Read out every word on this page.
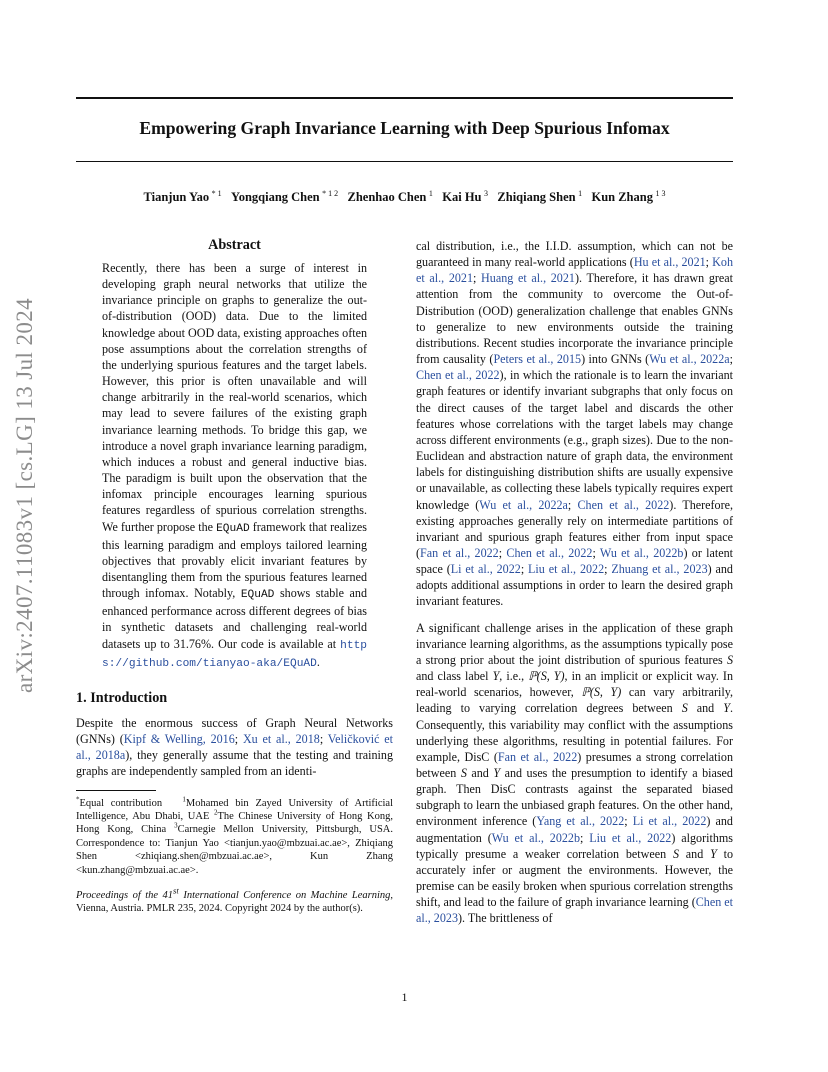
Empowering Graph Invariance Learning with Deep Spurious Infomax
Tianjun Yao  $^{* 1}$ Yongqiang Chen  $^{* 1 2}$ Zhenhao Chen  $^1$ Kai Hu  $^3$ Zhiqiang Shen  $^1$ Kun Zhang  $^{1 3}$
arXiv:2407.11083v1 [cs.LG] 13 Jul 2024
Abstract
Recently, there has been a surge of interest in developing graph neural networks that utilize the invariance principle on graphs to generalize the out-of-distribution (OOD) data. Due to the limited knowledge about OOD data, existing approaches often pose assumptions about the correlation strengths of the underlying spurious features and the target labels. However, this prior is often unavailable and will change arbitrarily in the real-world scenarios, which may lead to severe failures of the existing graph invariance learning methods. To bridge this gap, we introduce a novel graph invariance learning paradigm, which induces a robust and general inductive bias. The paradigm is built upon the observation that the infomax principle encourages learning spurious features regardless of spurious correlation strengths. We further propose the EQuAD framework that realizes this learning paradigm and employs tailored learning objectives that provably elicit invariant features by disentangling them from the spurious features learned through infomax. Notably, EQuAD shows stable and enhanced performance across different degrees of bias in synthetic datasets and challenging real-world datasets up to 31.76%. Our code is available at https://github.com/tianyao-aka/EQuAD.
1. Introduction

Despite the enormous success of Graph Neural Networks (GNNs) (Kipf & Welling, 2016; Xu et al., 2018; Veličković et al., 2018a), they generally assume that the testing and training graphs are independently sampled from an identi-

*Equal contribution	$^1$Mohamed bin Zayed University of Artificial Intelligence, Abu Dhabi, UAE $^2$The Chinese University of Hong Kong, Hong Kong, China $^3$Carnegie Mellon University, Pittsburgh, USA. Correspondence to: Tianjun Yao <tianjun.yao@mbzuai.ac.ae>, Zhiqiang Shen <zhiqiang.shen@mbzuai.ac.ae>, Kun Zhang <kun.zhang@mbzuai.ac.ae>.

Proceedings of the 41st International Conference on Machine Learning, Vienna, Austria. PMLR 235, 2024. Copyright 2024 by the author(s).

cal distribution, i.e., the I.I.D. assumption, which can not be guaranteed in many real-world applications (Hu et al., 2021; Koh et al., 2021; Huang et al., 2021). Therefore, it has drawn great attention from the community to overcome the Out-of-Distribution (OOD) generalization challenge that enables GNNs to generalize to new environments outside the training distributions. Recent studies incorporate the invariance principle from causality (Peters et al., 2015) into GNNs (Wu et al., 2022a; Chen et al., 2022), in which the rationale is to learn the invariant graph features or identify invariant subgraphs that only focus on the direct causes of the target label and discards the other features whose correlations with the target labels may change across different environments (e.g., graph sizes). Due to the non-Euclidean and abstraction nature of graph data, the environment labels for distinguishing distribution shifts are usually expensive or unavailable, as collecting these labels typically requires expert knowledge (Wu et al., 2022a; Chen et al., 2022). Therefore, existing approaches generally rely on intermediate partitions of invariant and spurious graph features either from input space (Fan et al., 2022; Chen et al., 2022; Wu et al., 2022b) or latent space (Li et al., 2022; Liu et al., 2022; Zhuang et al., 2023) and adopts additional assumptions in order to learn the desired graph invariant features.

A significant challenge arises in the application of these graph invariance learning algorithms, as the assumptions typically pose a strong prior about the joint distribution of spurious features S and class label Y, i.e., ℙ(S, Y), in an implicit or explicit way. In real-world scenarios, however, ℙ(S, Y) can vary arbitrarily, leading to varying correlation degrees between S and Y. Consequently, this variability may conflict with the assumptions underlying these algorithms, resulting in potential failures. For example, DisC (Fan et al., 2022) presumes a strong correlation between S and Y and uses the presumption to identify a biased graph. Then DisC contrasts against the separated biased subgraph to learn the unbiased graph features. On the other hand, environment inference (Yang et al., 2022; Li et al., 2022) and augmentation (Wu et al., 2022b; Liu et al., 2022) algorithms typically presume a weaker correlation between S and Y to accurately infer or augment the environments. However, the premise can be easily broken when spurious correlation strengths shift, and lead to the failure of graph invariance learning (Chen et al., 2023). The brittleness of

1
